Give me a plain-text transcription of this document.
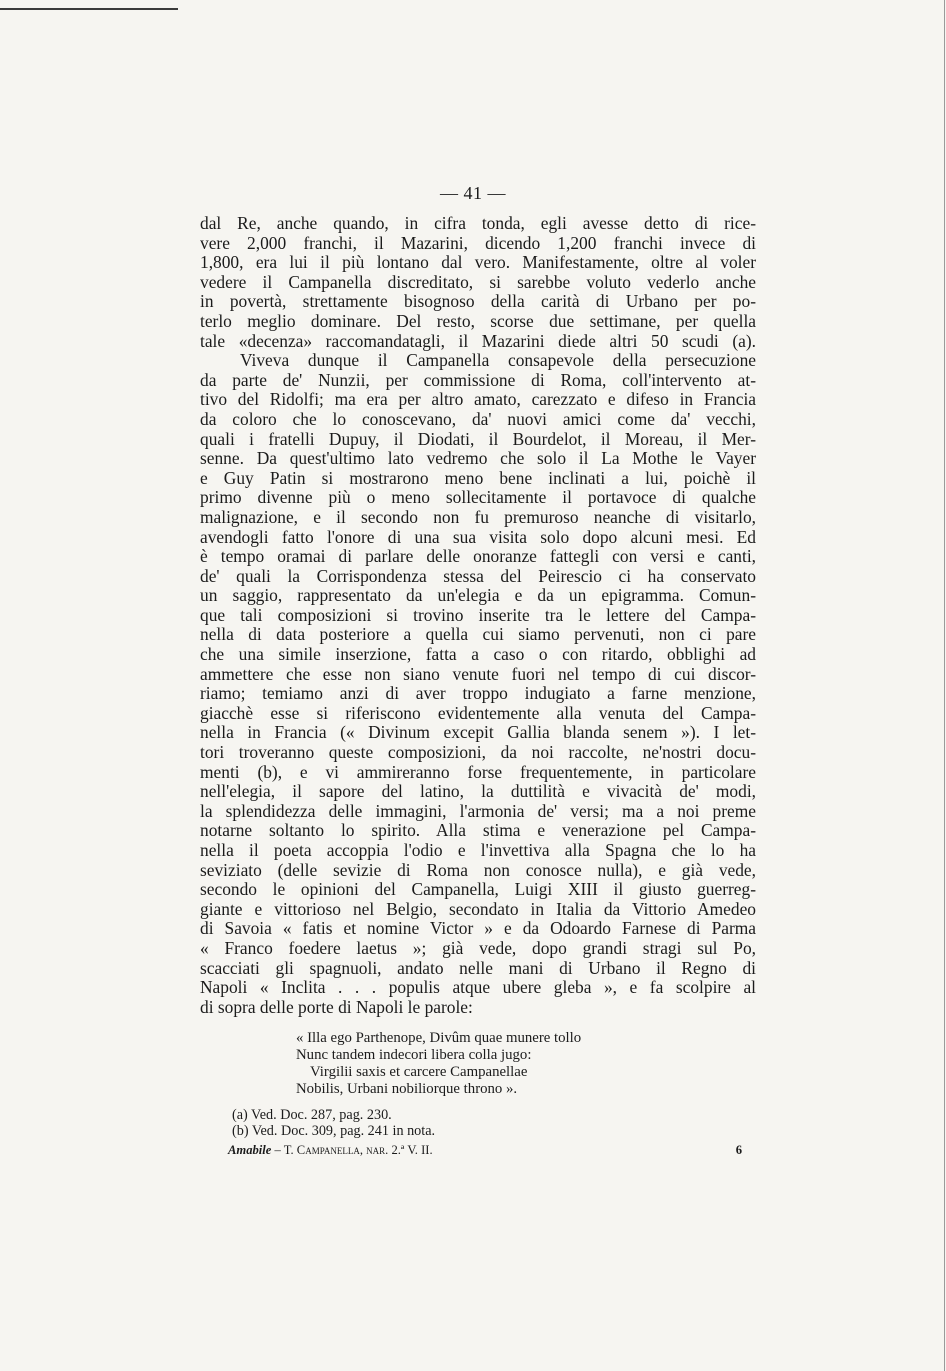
— 41 —
dal Re, anche quando, in cifra tonda, egli avesse detto di rice-
vere 2,000 franchi, il Mazarini, dicendo 1,200 franchi invece di
1,800, era lui il più lontano dal vero. Manifestamente, oltre al voler
vedere il Campanella discreditato, si sarebbe voluto vederlo anche
in povertà, strettamente bisognoso della carità di Urbano per po-
terlo meglio dominare. Del resto, scorse due settimane, per quella
tale «decenza» raccomandatagli, il Mazarini diede altri 50 scudi (a).
Viveva dunque il Campanella consapevole della persecuzione
da parte de' Nunzii, per commissione di Roma, coll'intervento at-
tivo del Ridolfi; ma era per altro amato, carezzato e difeso in Francia
da coloro che lo conoscevano, da' nuovi amici come da' vecchi,
quali i fratelli Dupuy, il Diodati, il Bourdelot, il Moreau, il Mer-
senne. Da quest'ultimo lato vedremo che solo il La Mothe le Vayer
e Guy Patin si mostrarono meno bene inclinati a lui, poichè il
primo divenne più o meno sollecitamente il portavoce di qualche
malignazione, e il secondo non fu premuroso neanche di visitarlo,
avendogli fatto l'onore di una sua visita solo dopo alcuni mesi. Ed
è tempo oramai di parlare delle onoranze fattegli con versi e canti,
de' quali la Corrispondenza stessa del Peirescio ci ha conservato
un saggio, rappresentato da un'elegia e da un epigramma. Comun-
que tali composizioni si trovino inserite tra le lettere del Campa-
nella di data posteriore a quella cui siamo pervenuti, non ci pare
che una simile inserzione, fatta a caso o con ritardo, obblighi ad
ammettere che esse non siano venute fuori nel tempo di cui discor-
riamo; temiamo anzi di aver troppo indugiato a farne menzione,
giacchè esse si riferiscono evidentemente alla venuta del Campa-
nella in Francia (« Divinum excepit Gallia blanda senem »). I let-
tori troveranno queste composizioni, da noi raccolte, ne'nostri docu-
menti (b), e vi ammireranno forse frequentemente, in particolare
nell'elegia, il sapore del latino, la duttilità e vivacità de' modi,
la splendidezza delle immagini, l'armonia de' versi; ma a noi preme
notarne soltanto lo spirito. Alla stima e venerazione pel Campa-
nella il poeta accoppia l'odio e l'invettiva alla Spagna che lo ha
seviziato (delle sevizie di Roma non conosce nulla), e già vede,
secondo le opinioni del Campanella, Luigi XIII il giusto guerreg-
giante e vittorioso nel Belgio, secondato in Italia da Vittorio Amedeo
di Savoia « fatis et nomine Victor » e da Odoardo Farnese di Parma
« Franco foedere laetus »; già vede, dopo grandi stragi sul Po,
scacciati gli spagnuoli, andato nelle mani di Urbano il Regno di
Napoli « Inclita . . . populis atque ubere gleba », e fa scolpire al
di sopra delle porte di Napoli le parole:
« Illa ego Parthenope, Divûm quae munere tollo
Nunc tandem indecori libera colla jugo:
Virgilii saxis et carcere Campanellae
Nobilis, Urbani nobiliorque throno ».
(a) Ved. Doc. 287, pag. 230.
(b) Ved. Doc. 309, pag. 241 in nota.
Amabile – T. Campanella, nar. 2.ª V. II.	6
